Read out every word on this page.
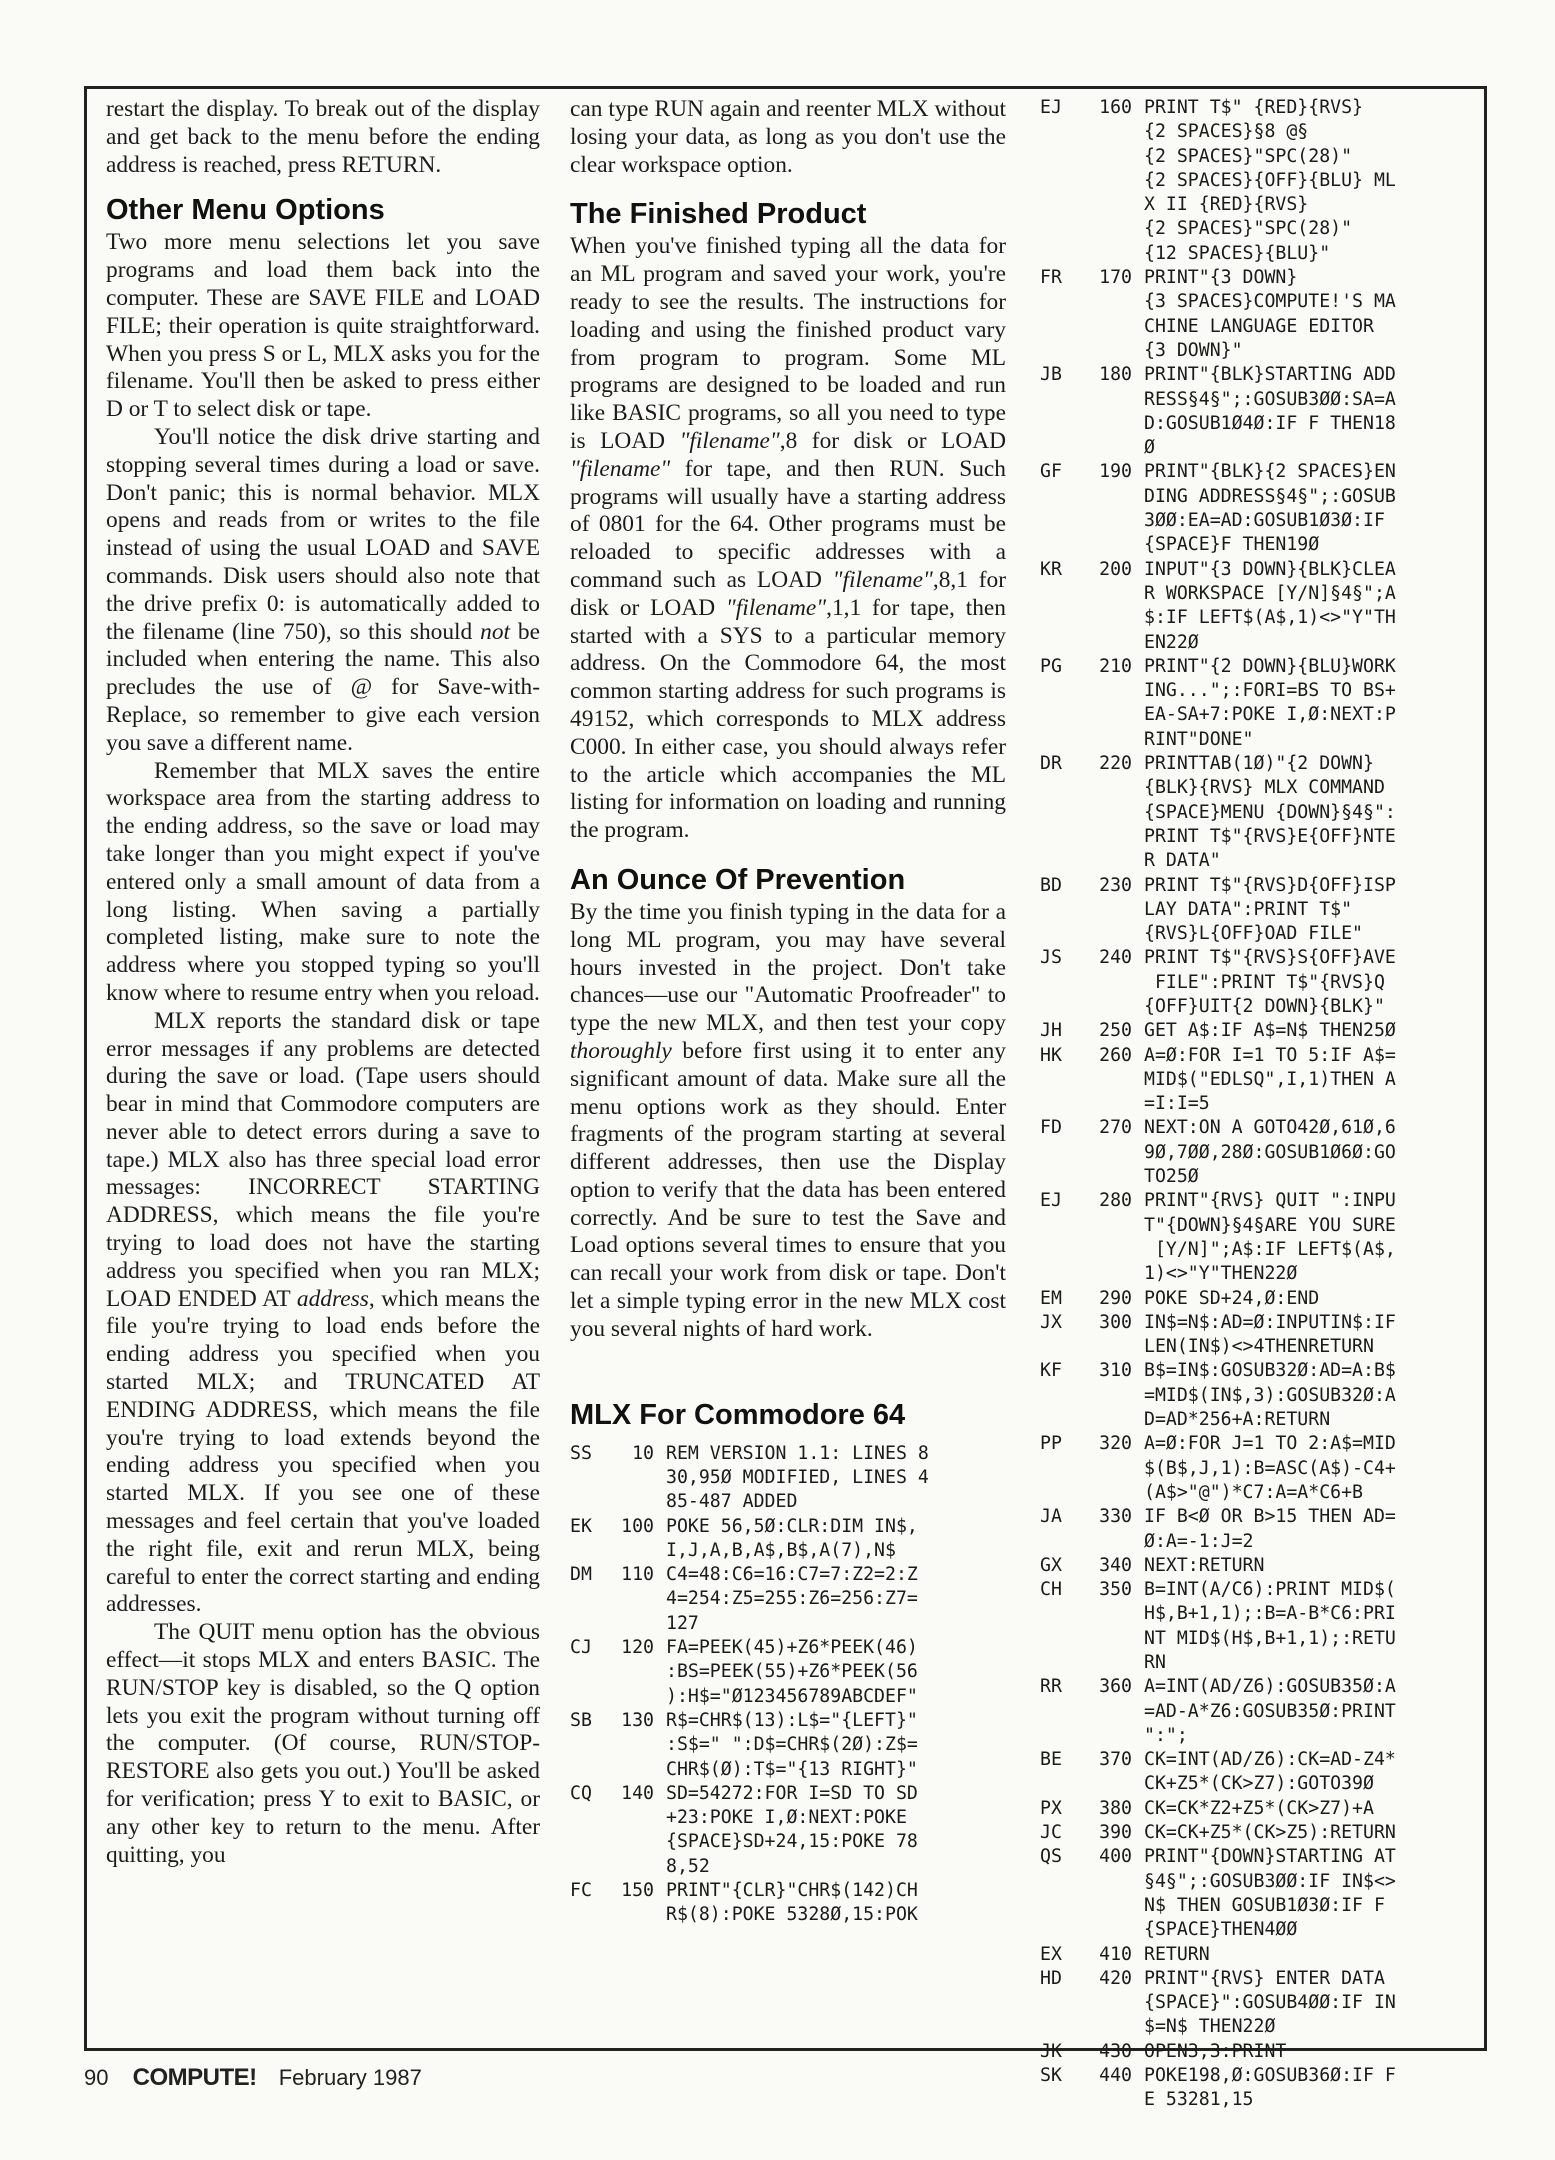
restart the display. To break out of the display and get back to the menu before the ending address is reached, press RETURN.

Other Menu Options

Two more menu selections let you save programs and load them back into the computer. These are SAVE FILE and LOAD FILE; their operation is quite straightforward. When you press S or L, MLX asks you for the filename. You'll then be asked to press either D or T to select disk or tape.

You'll notice the disk drive starting and stopping several times during a load or save. Don't panic; this is normal behavior. MLX opens and reads from or writes to the file instead of using the usual LOAD and SAVE commands. Disk users should also note that the drive prefix 0: is automatically added to the filename (line 750), so this should not be included when entering the name. This also precludes the use of @ for Save-with-Replace, so remember to give each version you save a different name.

Remember that MLX saves the entire workspace area from the starting address to the ending address, so the save or load may take longer than you might expect if you've entered only a small amount of data from a long listing. When saving a partially completed listing, make sure to note the address where you stopped typing so you'll know where to resume entry when you reload.

MLX reports the standard disk or tape error messages if any problems are detected during the save or load. (Tape users should bear in mind that Commodore computers are never able to detect errors during a save to tape.) MLX also has three special load error messages: INCORRECT STARTING ADDRESS, which means the file you're trying to load does not have the starting address you specified when you ran MLX; LOAD ENDED AT address, which means the file you're trying to load ends before the ending address you specified when you started MLX; and TRUNCATED AT ENDING ADDRESS, which means the file you're trying to load extends beyond the ending address you specified when you started MLX. If you see one of these messages and feel certain that you've loaded the right file, exit and rerun MLX, being careful to enter the correct starting and ending addresses.

The QUIT menu option has the obvious effect—it stops MLX and enters BASIC. The RUN/STOP key is disabled, so the Q option lets you exit the program without turning off the computer. (Of course, RUN/STOP-RESTORE also gets you out.) You'll be asked for verification; press Y to exit to BASIC, or any other key to return to the menu. After quitting, you

can type RUN again and reenter MLX without losing your data, as long as you don't use the clear workspace option.

The Finished Product

When you've finished typing all the data for an ML program and saved your work, you're ready to see the results. The instructions for loading and using the finished product vary from program to program. Some ML programs are designed to be loaded and run like BASIC programs, so all you need to type is LOAD "filename",8 for disk or LOAD "filename" for tape, and then RUN. Such programs will usually have a starting address of 0801 for the 64. Other programs must be reloaded to specific addresses with a command such as LOAD "filename",8,1 for disk or LOAD "filename",1,1 for tape, then started with a SYS to a particular memory address. On the Commodore 64, the most common starting address for such programs is 49152, which corresponds to MLX address C000. In either case, you should always refer to the article which accompanies the ML listing for information on loading and running the program.

An Ounce Of Prevention

By the time you finish typing in the data for a long ML program, you may have several hours invested in the project. Don't take chances—use our "Automatic Proofreader" to type the new MLX, and then test your copy thoroughly before first using it to enter any significant amount of data. Make sure all the menu options work as they should. Enter fragments of the program starting at several different addresses, then use the Display option to verify that the data has been entered correctly. And be sure to test the Save and Load options several times to ensure that you can recall your work from disk or tape. Don't let a simple typing error in the new MLX cost you several nights of hard work.

MLX For Commodore 64
SS	10 REM VERSION 1.1: LINES 8
30,95Ø MODIFIED, LINES 4
85-487 ADDED
EK	100 POKE 56,5Ø:CLR:DIM IN$,
I,J,A,B,A$,B$,A(7),N$
DM	110 C4=48:C6=16:C7=7:Z2=2:Z
4=254:Z5=255:Z6=256:Z7=
127
CJ	120 FA=PEEK(45)+Z6*PEEK(46)
:BS=PEEK(55)+Z6*PEEK(56
)​:H$="Ø123456789ABCDEF"
SB	130 R$=CHR$(13):L$="{LEFT}"
:S$=" ":D$=CHR$(2Ø):Z$=
CHR$(Ø):T$="{13 RIGHT}"
CQ	140 SD=54272:FOR I=SD TO SD
+23:POKE I,Ø:NEXT:POKE
{SPACE}SD+24,15:POKE 78
8,52
FC	150 PRINT"{CLR}"CHR$(142)CH
R$(8):POKE 5328Ø,15:POK
EJ	160 PRINT T$" {RED}{RVS}
{2 SPACES}§8 @§
{2 SPACES}"SPC(28)"
{2 SPACES}{OFF}{BLU} ML
X II {RED}{RVS}
{2 SPACES}"SPC(28)"
{12 SPACES}{BLU}"
FR	170 PRINT"{3 DOWN}
{3 SPACES}COMPUTE!'S MA
CHINE LANGUAGE EDITOR
{3 DOWN}"
JB	180 PRINT"{BLK}STARTING ADD
RESS§4§";:GOSUB3ØØ:SA=A
D:GOSUB1Ø4Ø:IF F THEN18
Ø
GF	190 PRINT"{BLK}{2 SPACES}EN
DING ADDRESS§4§";:GOSUB
3ØØ:EA=AD:GOSUB1Ø3Ø:IF
{SPACE}F THEN19Ø
KR	200 INPUT"{3 DOWN}{BLK}CLEA
R WORKSPACE [Y/N]§4§";A
$:IF LEFT$(A$,1)<>"Y"TH
EN22Ø
PG	210 PRINT"{2 DOWN}{BLU}WORK
ING...";:FORI=BS TO BS+
EA-SA+7:POKE I,Ø:NEXT:P
RINT"DONE"
DR	220 PRINTTAB(1Ø)"{2 DOWN}
{BLK}{RVS} MLX COMMAND
{SPACE}MENU {DOWN}§4§":
PRINT T$"{RVS}E{OFF}NTE
R DATA"
BD	230 PRINT T$"{RVS}D{OFF}ISP
LAY DATA":PRINT T$"
{RVS}L{OFF}OAD FILE"
JS	240 PRINT T$"{RVS}S{OFF}AVE
FILE":PRINT T$"{RVS}Q
{OFF}UIT{2 DOWN}{BLK}"
JH	250 GET A$:IF A$=N$ THEN25Ø
HK	260 A=Ø:FOR I=1 TO 5:IF A$=
MID$("EDLSQ",I,1)THEN A
=I:I=5
FD	270 NEXT:ON A GOTO42Ø,61Ø,6
9Ø,7ØØ,28Ø:GOSUB1Ø6Ø:GO
TO25Ø
EJ	280 PRINT"{RVS} QUIT ":INPU
T"{DOWN}§4§ARE YOU SURE
[Y/N]";A$:IF LEFT$(A$,
1)<>"Y"THEN22Ø
EM	290 POKE SD+24,Ø:END
JX	300 IN$=N$:AD=Ø:INPUTIN$:IF
LEN(IN$)<>4THENRETURN
KF	310 B$=IN$:GOSUB32Ø:AD=A:B$
=MID$(IN$,3):GOSUB32Ø:A
D=AD*256+A:RETURN
PP	320 A=Ø:FOR J=1 TO 2:A$=MID
$(B$,J,1):B=ASC(A$)-C4+
(A$>"@")*C7:A=A*C6+B
JA	330 IF B<Ø OR B>15 THEN AD=
Ø:A=-1:J=2
GX	340 NEXT:RETURN
CH	350 B=INT(A/C6):PRINT MID$(
H$,B+1,1);:B=A-B*C6:PRI
NT MID$(H$,B+1,1);:RETU
RN
RR	360 A=INT(AD/Z6):GOSUB35Ø:A
=AD-A*Z6:GOSUB35Ø:PRINT
":";
BE	370 CK=INT(AD/Z6):CK=AD-Z4*
CK+Z5*(CK>Z7):GOTO39Ø
PX	380 CK=CK*Z2+Z5*(CK>Z7)+A
JC	390 CK=CK+Z5*(CK>Z5):RETURN
QS	400 PRINT"{DOWN}STARTING AT
§4§";:GOSUB3ØØ:IF IN$<>
N$ THEN GOSUB1Ø3Ø:IF F
{SPACE}THEN4ØØ
EX	410 RETURN
HD	420 PRINT"{RVS} ENTER DATA
{SPACE}":GOSUB4ØØ:IF IN
$=N$ THEN22Ø
JK	430 OPEN3,3:PRINT
SK	440 POKE198,Ø:GOSUB36Ø:IF F
E 53281,15
90 COMPUTE! February 1987
